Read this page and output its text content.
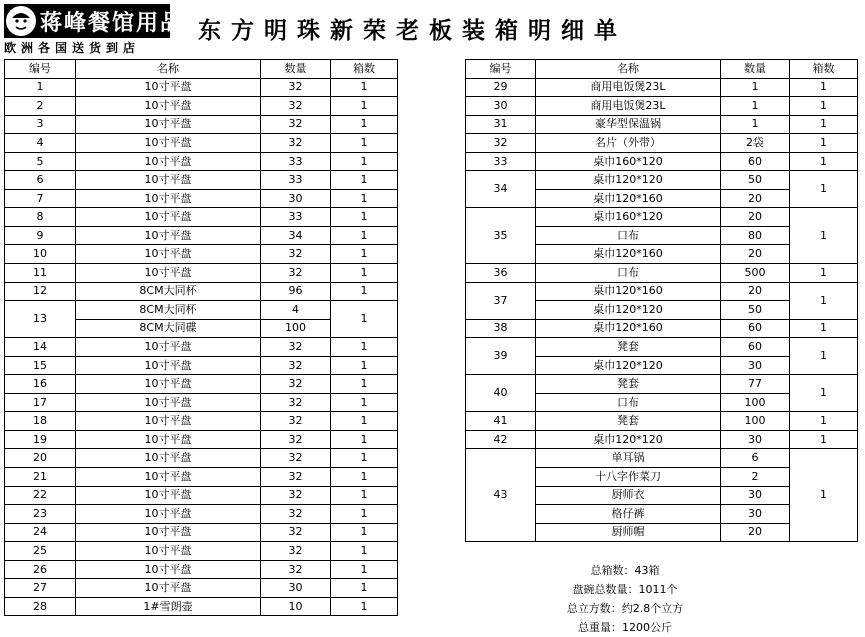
蒋峰餐馆用品
欧洲各国送货到店
东方明珠新荣老板装箱明细单
编号	名称	数量	箱数
1	10寸平盘	32	1
2	10寸平盘	32	1
3	10寸平盘	32	1
4	10寸平盘	32	1
5	10寸平盘	33	1
6	10寸平盘	33	1
7	10寸平盘	30	1
8	10寸平盘	33	1
9	10寸平盘	34	1
10	10寸平盘	32	1
11	10寸平盘	32	1
12	8CM大同杯	96	1
13	8CM大同杯	4	1
	8CM大同碟	100	
14	10寸平盘	32	1
15	10寸平盘	32	1
16	10寸平盘	32	1
17	10寸平盘	32	1
18	10寸平盘	32	1
19	10寸平盘	32	1
20	10寸平盘	32	1
21	10寸平盘	32	1
22	10寸平盘	32	1
23	10寸平盘	32	1
24	10寸平盘	32	1
25	10寸平盘	32	1
26	10寸平盘	32	1
27	10寸平盘	30	1
28	1#雪朗壶	10	1
编号	名称	数量	箱数
29	商用电饭煲23L	1	1
30	商用电饭煲23L	1	1
31	豪华型保温锅	1	1
32	名片（外带）	2袋	1
33	桌巾160*120	60	1
34	桌巾120*120	50	1
	桌巾120*160	20	
35	桌巾160*120	20	1
	口布	80	
	桌巾120*160	20	
36	口布	500	1
37	桌巾120*160	20	1
	桌巾120*120	50	
38	桌巾120*160	60	1
39	凳套	60	1
	桌巾120*120	30	
40	凳套	77	1
	口布	100	
41	凳套	100	1
42	桌巾120*120	30	1
43	单耳锅	6	1
	十八字作菜刀	2	
	厨师衣	30	
	格仔裤	30	
	厨师帽	20	
总箱数：43箱
盘碗总数量：1011个
总立方数：约2.8个立方
总重量：1200公斤
